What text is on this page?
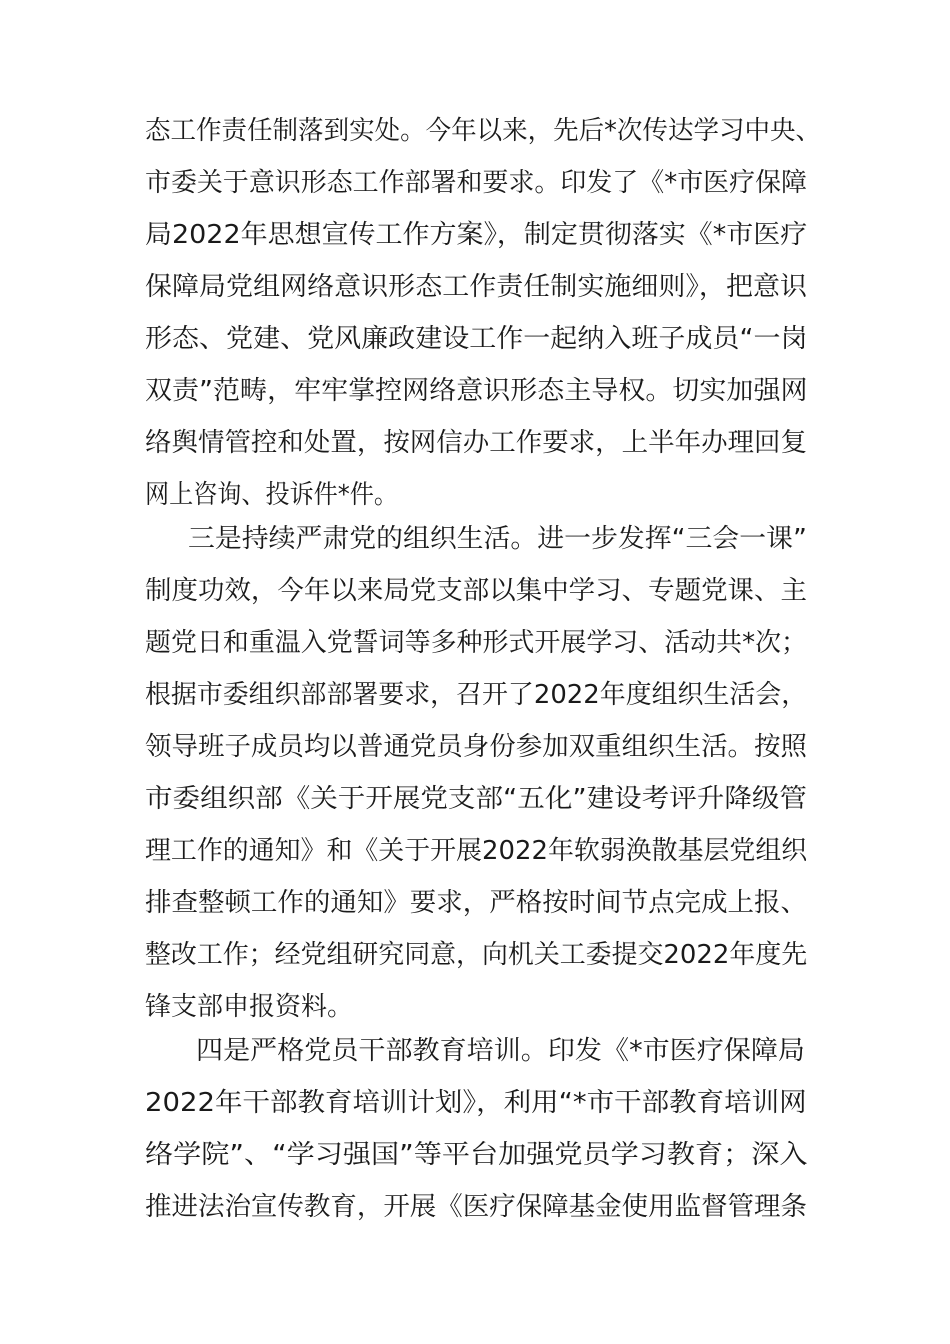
态工作责任制落到实处。今年以来，先后*次传达学习中央、
市委关于意识形态工作部署和要求。印发了《*市医疗保障
局2022年思想宣传工作方案》，制定贯彻落实《*市医疗
保障局党组网络意识形态工作责任制实施细则》，把意识
形态、党建、党风廉政建设工作一起纳入班子成员“一岗
双责”范畴，牢牢掌控网络意识形态主导权。切实加强网
络舆情管控和处置，按网信办工作要求，上半年办理回复
网上咨询、投诉件*件。
三是持续严肃党的组织生活。进一步发挥“三会一课”
制度功效，今年以来局党支部以集中学习、专题党课、主
题党日和重温入党誓词等多种形式开展学习、活动共*次；
根据市委组织部部署要求，召开了2022年度组织生活会，
领导班子成员均以普通党员身份参加双重组织生活。按照
市委组织部《关于开展党支部“五化”建设考评升降级管
理工作的通知》和《关于开展2022年软弱涣散基层党组织
排查整顿工作的通知》要求，严格按时间节点完成上报、
整改工作；经党组研究同意，向机关工委提交2022年度先
锋支部申报资料。
四是严格党员干部教育培训。印发《*市医疗保障局
2022年干部教育培训计划》，利用“*市干部教育培训网
络学院”、“学习强国”等平台加强党员学习教育；深入
推进法治宣传教育，开展《医疗保障基金使用监督管理条
